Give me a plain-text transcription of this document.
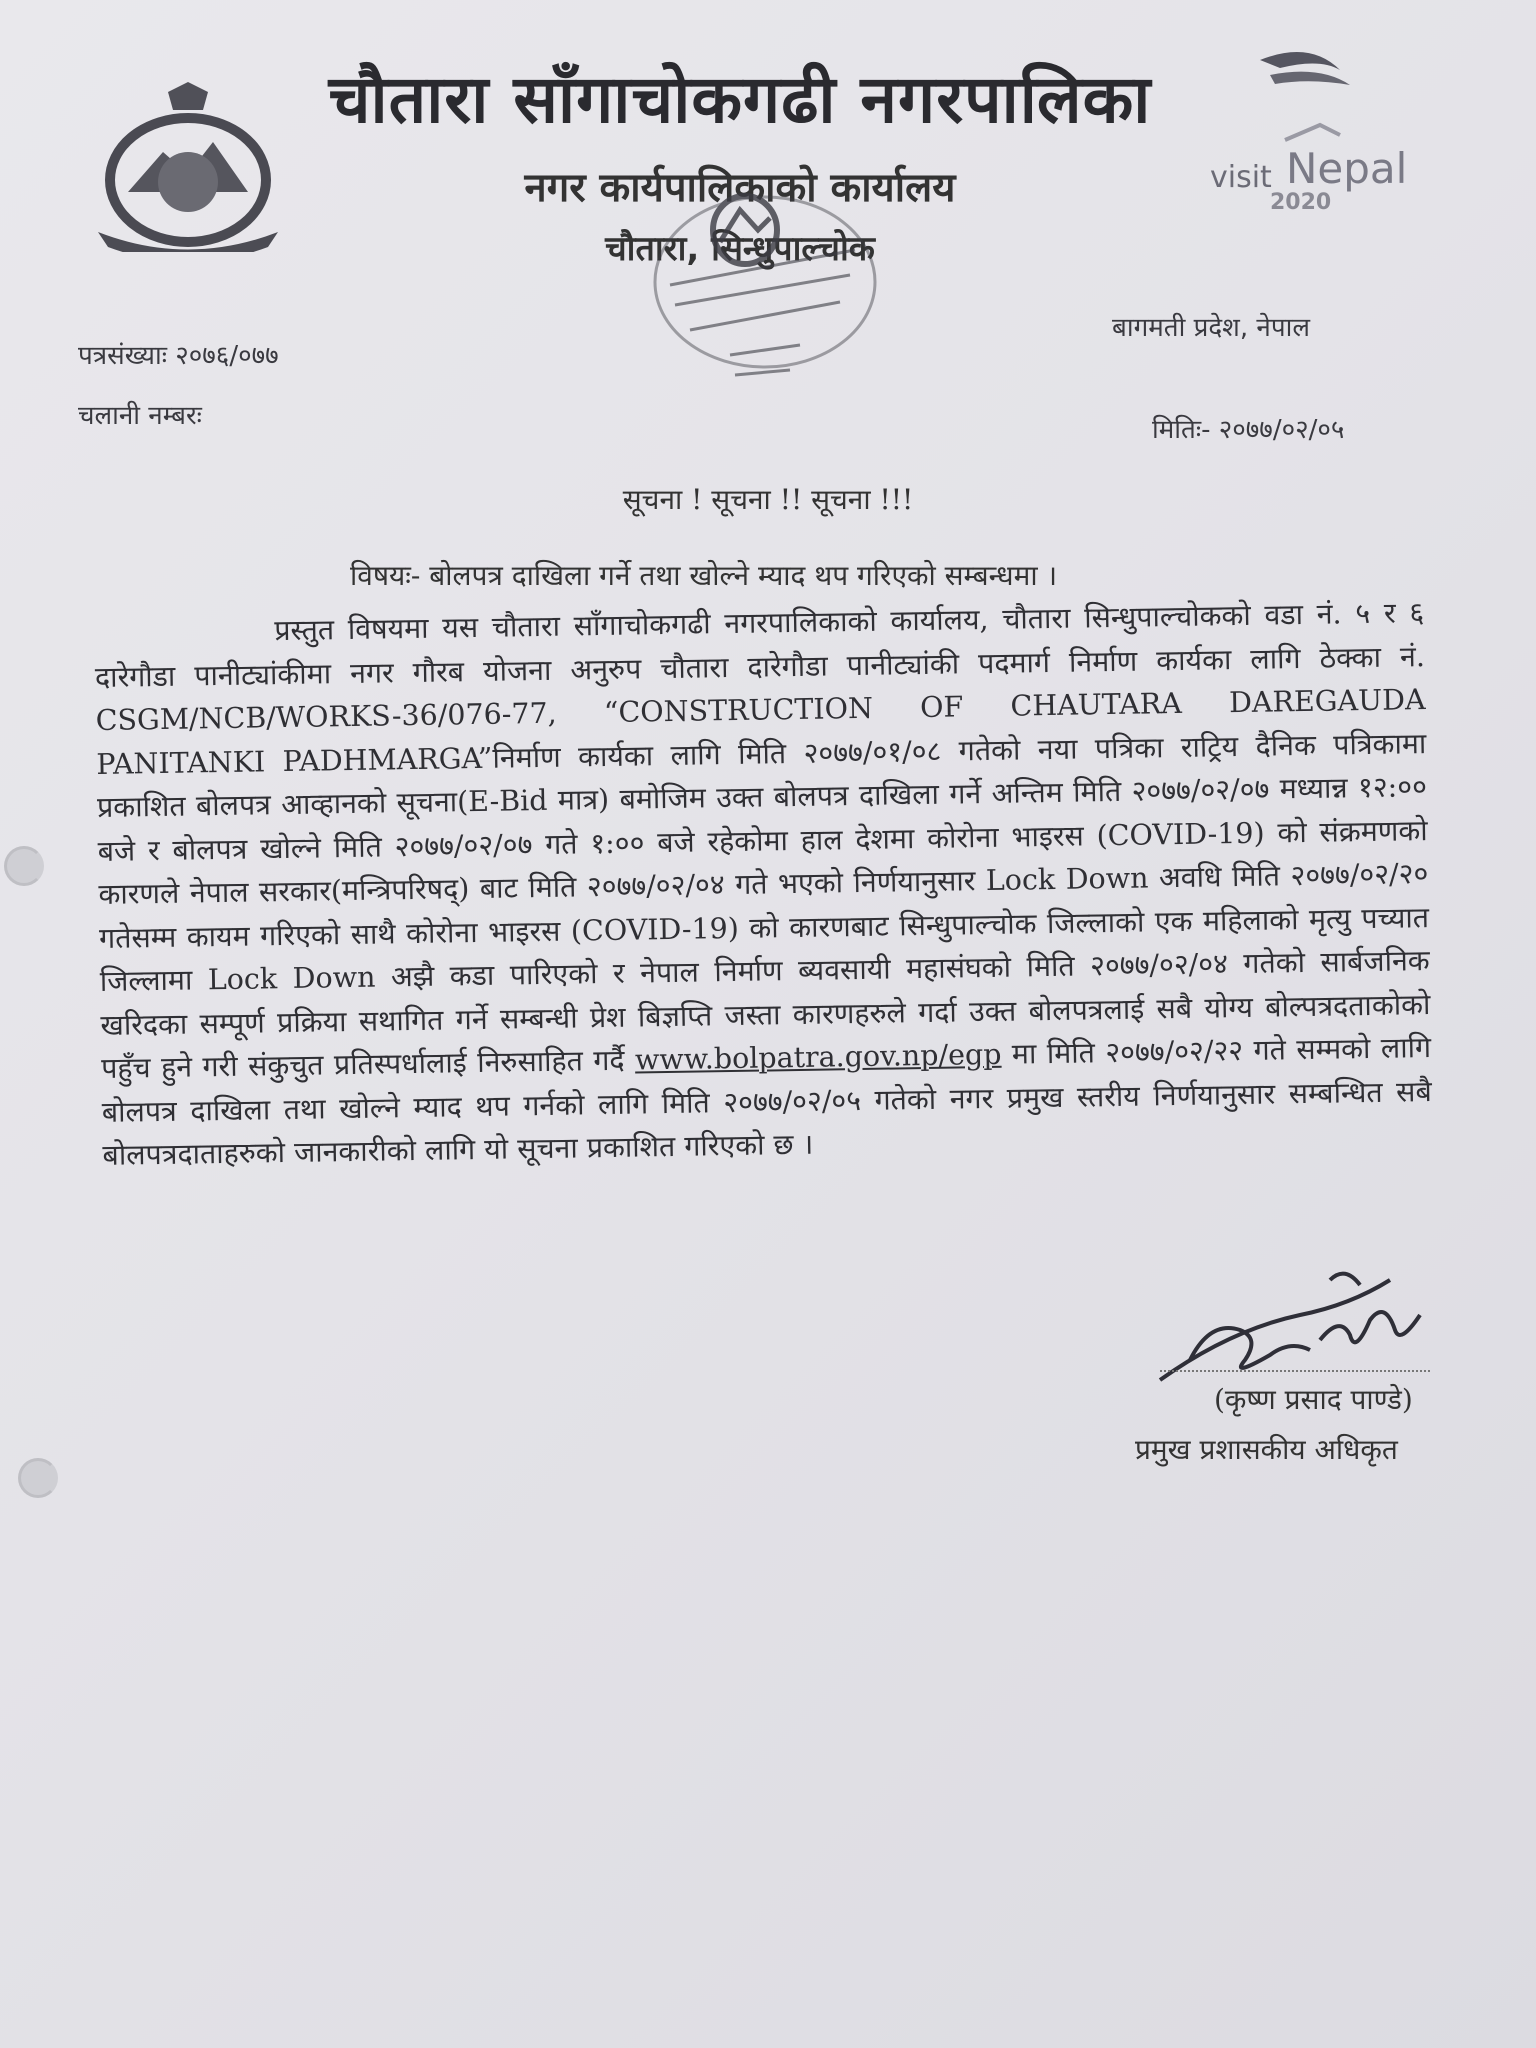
चौतारा साँगाचोकगढी नगरपालिका
नगर कार्यपालिकाको कार्यालय
चौतारा, सिन्धुपाल्चोक
visit Nepal
2020
बागमती प्रदेश, नेपाल
पत्रसंख्याः २०७६/०७७
चलानी नम्बरः	मितिः- २०७७/०२/०५
सूचना ! सूचना !! सूचना !!!
विषयः- बोलपत्र दाखिला गर्ने तथा खोल्ने म्याद थप गरिएको सम्बन्धमा ।
प्रस्तुत विषयमा यस चौतारा साँगाचोकगढी नगरपालिकाको कार्यालय, चौतारा सिन्धुपाल्चोकको वडा नं. ५ र ६ दारेगौडा पानीट्यांकीमा नगर गौरब योजना अनुरुप चौतारा दारेगौडा पानीट्यांकी पदमार्ग निर्माण कार्यका लागि ठेक्का नं. CSGM/NCB/WORKS-36/076-77, “CONSTRUCTION OF CHAUTARA DAREGAUDA PANITANKI PADHMARGA”निर्माण कार्यका लागि मिति २०७७/०१/०८ गतेको नया पत्रिका राट्रिय दैनिक पत्रिकामा प्रकाशित बोलपत्र आव्हानको सूचना(E-Bid मात्र) बमोजिम उक्त बोलपत्र दाखिला गर्ने अन्तिम मिति २०७७/०२/०७ मध्यान्न १२:०० बजे र बोलपत्र खोल्ने मिति २०७७/०२/०७ गते १:०० बजे रहेकोमा हाल देशमा कोरोना भाइरस (COVID-19) को संक्रमणको कारणले नेपाल सरकार(मन्त्रिपरिषद्) बाट मिति २०७७/०२/०४ गते भएको निर्णयानुसार Lock Down अवधि मिति २०७७/०२/२० गतेसम्म कायम गरिएको साथै कोरोना भाइरस (COVID-19) को कारणबाट सिन्धुपाल्चोक जिल्लाको एक महिलाको मृत्यु पच्यात जिल्लामा Lock Down अझै कडा पारिएको र नेपाल निर्माण ब्यवसायी महासंघको मिति २०७७/०२/०४ गतेको सार्बजनिक खरिदका सम्पूर्ण प्रक्रिया सथागित गर्ने सम्बन्धी प्रेश बिज्ञप्ति जस्ता कारणहरुले गर्दा उक्त बोलपत्रलाई सबै योग्य बोल्पत्रदताकोको पहुँच हुने गरी संकुचुत प्रतिस्पर्धालाई निरुसाहित गर्दै www.bolpatra.gov.np/egp मा मिति २०७७/०२/२२ गते सम्मको लागि बोलपत्र दाखिला तथा खोल्ने म्याद थप गर्नको लागि मिति २०७७/०२/०५ गतेको नगर प्रमुख स्तरीय निर्णयानुसार सम्बन्धित सबै बोलपत्रदाताहरुको जानकारीको लागि यो सूचना प्रकाशित गरिएको छ ।
(कृष्ण प्रसाद पाण्डे)
प्रमुख प्रशासकीय अधिकृत
